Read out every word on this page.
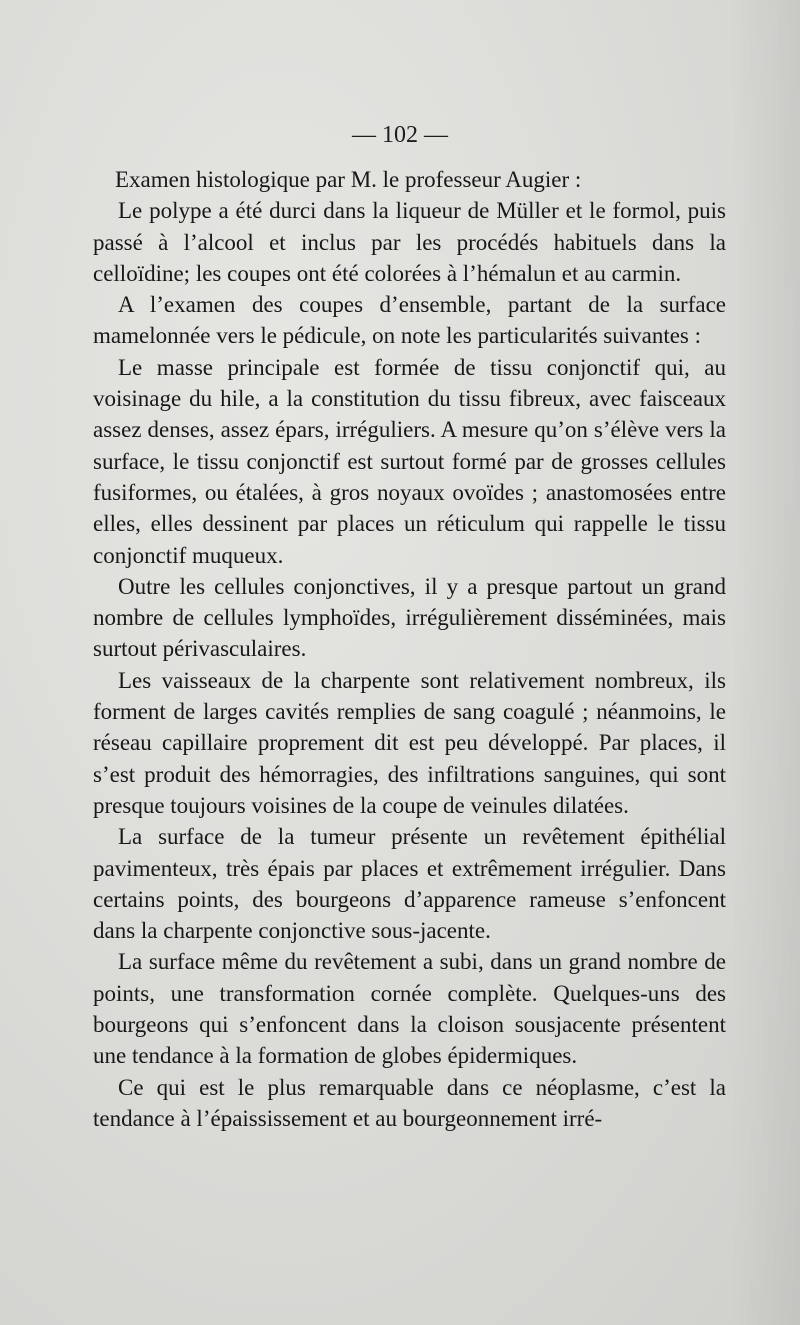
— 102 —

Examen histologique par M. le professeur Augier :

Le polype a été durci dans la liqueur de Müller et le formol, puis passé à l’alcool et inclus par les procédés habituels dans la celloïdine; les coupes ont été colorées à l’hémalun et au carmin.

A l’examen des coupes d’ensemble, partant de la surface mamelonnée vers le pédicule, on note les particularités suivantes :

Le masse principale est formée de tissu conjonctif qui, au voisinage du hile, a la constitution du tissu fibreux, avec faisceaux assez denses, assez épars, irréguliers. A mesure qu’on s’élève vers la surface, le tissu conjonctif est surtout formé par de grosses cellules fusiformes, ou étalées, à gros noyaux ovoïdes ; anastomosées entre elles, elles dessinent par places un réticulum qui rappelle le tissu conjonctif muqueux.

Outre les cellules conjonctives, il y a presque partout un grand nombre de cellules lymphoïdes, irrégulièrement disséminées, mais surtout périvasculaires.

Les vaisseaux de la charpente sont relativement nombreux, ils forment de larges cavités remplies de sang coagulé ; néanmoins, le réseau capillaire proprement dit est peu développé. Par places, il s’est produit des hémorragies, des infiltrations sanguines, qui sont presque toujours voisines de la coupe de veinules dilatées.

La surface de la tumeur présente un revêtement épithélial pavimenteux, très épais par places et extrêmement irrégulier. Dans certains points, des bourgeons d’apparence rameuse s’enfoncent dans la charpente conjonctive sous-jacente.

La surface même du revêtement a subi, dans un grand nombre de points, une transformation cornée complète. Quelques-uns des bourgeons qui s’enfoncent dans la cloison sousjacente présentent une tendance à la formation de globes épidermiques.

Ce qui est le plus remarquable dans ce néoplasme, c’est la tendance à l’épaississement et au bourgeonnement irré-
